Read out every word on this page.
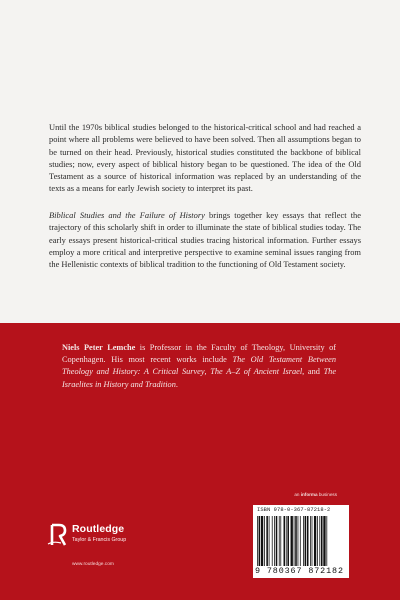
Until the 1970s biblical studies belonged to the historical-critical school and had reached a point where all problems were believed to have been solved. Then all assumptions began to be turned on their head. Previously, historical studies constituted the backbone of biblical studies; now, every aspect of biblical history began to be questioned. The idea of the Old Testament as a source of historical information was replaced by an understanding of the texts as a means for early Jewish society to interpret its past.

Biblical Studies and the Failure of History brings together key essays that reflect the trajectory of this scholarly shift in order to illuminate the state of biblical studies today. The early essays present historical-critical studies tracing historical information. Further essays employ a more critical and interpretive perspective to examine seminal issues ranging from the Hellenistic contexts of biblical tradition to the functioning of Old Testament society.

Niels Peter Lemche is Professor in the Faculty of Theology, University of Copenhagen. His most recent works include The Old Testament Between Theology and History: A Critical Survey, The A–Z of Ancient Israel, and The Israelites in History and Tradition.
an informa business
ISBN 978-0-367-87218-2
9 780367 872182
Routledge
Taylor & Francis Group
www.routledge.com
